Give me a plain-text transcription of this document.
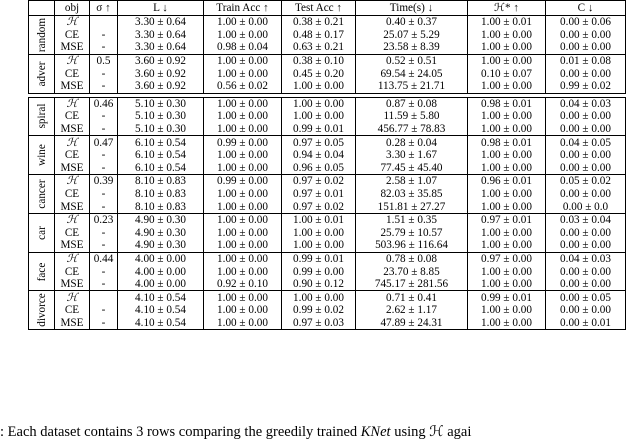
	obj	σ ↑	L ↓	Train Acc ↑	Test Acc ↑	Time(s) ↓	ℋ* ↑	C ↓

random	ℋ		3.30 ± 0.64	1.00 ± 0.00	0.38 ± 0.21	0.40 ± 0.37	1.00 ± 0.01	0.00 ± 0.06
	CE	-	3.30 ± 0.64	1.00 ± 0.00	0.48 ± 0.17	25.07 ± 5.29	1.00 ± 0.00	0.00 ± 0.00
	MSE	-	3.30 ± 0.64	0.98 ± 0.04	0.63 ± 0.21	23.58 ± 8.39	1.00 ± 0.00	0.00 ± 0.00

adver	ℋ	0.5	3.60 ± 0.92	1.00 ± 0.00	0.38 ± 0.10	0.52 ± 0.51	1.00 ± 0.00	0.01 ± 0.08
	CE	-	3.60 ± 0.92	1.00 ± 0.00	0.45 ± 0.20	69.54 ± 24.05	0.10 ± 0.07	0.00 ± 0.00
	MSE	-	3.60 ± 0.92	0.56 ± 0.02	1.00 ± 0.00	113.75 ± 21.71	1.00 ± 0.00	0.99 ± 0.02

spiral	ℋ	0.46	5.10 ± 0.30	1.00 ± 0.00	1.00 ± 0.00	0.87 ± 0.08	0.98 ± 0.01	0.04 ± 0.03
	CE	-	5.10 ± 0.30	1.00 ± 0.00	1.00 ± 0.00	11.59 ± 5.80	1.00 ± 0.00	0.00 ± 0.00
	MSE	-	5.10 ± 0.30	1.00 ± 0.00	0.99 ± 0.01	456.77 ± 78.83	1.00 ± 0.00	0.00 ± 0.00

wine	ℋ	0.47	6.10 ± 0.54	0.99 ± 0.00	0.97 ± 0.05	0.28 ± 0.04	0.98 ± 0.01	0.04 ± 0.05
	CE	-	6.10 ± 0.54	1.00 ± 0.00	0.94 ± 0.04	3.30 ± 1.67	1.00 ± 0.00	0.00 ± 0.00
	MSE	-	6.10 ± 0.54	1.00 ± 0.00	0.96 ± 0.05	77.45 ± 45.40	1.00 ± 0.00	0.00 ± 0.00

cancer	ℋ	0.39	8.10 ± 0.83	0.99 ± 0.00	0.97 ± 0.02	2.58 ± 1.07	0.96 ± 0.01	0.05 ± 0.02
	CE	-	8.10 ± 0.83	1.00 ± 0.00	0.97 ± 0.01	82.03 ± 35.85	1.00 ± 0.00	0.00 ± 0.00
	MSE	-	8.10 ± 0.83	1.00 ± 0.00	0.97 ± 0.02	151.81 ± 27.27	1.00 ± 0.00	0.00 ± 0.0

car	ℋ	0.23	4.90 ± 0.30	1.00 ± 0.00	1.00 ± 0.01	1.51 ± 0.35	0.97 ± 0.01	0.03 ± 0.04
	CE	-	4.90 ± 0.30	1.00 ± 0.00	1.00 ± 0.00	25.79 ± 10.57	1.00 ± 0.00	0.00 ± 0.00
	MSE	-	4.90 ± 0.30	1.00 ± 0.00	1.00 ± 0.00	503.96 ± 116.64	1.00 ± 0.00	0.00 ± 0.00

face	ℋ	0.44	4.00 ± 0.00	1.00 ± 0.00	0.99 ± 0.01	0.78 ± 0.08	0.97 ± 0.00	0.04 ± 0.03
	CE	-	4.00 ± 0.00	1.00 ± 0.00	0.99 ± 0.00	23.70 ± 8.85	1.00 ± 0.00	0.00 ± 0.00
	MSE	-	4.00 ± 0.00	0.92 ± 0.10	0.90 ± 0.12	745.17 ± 281.56	1.00 ± 0.00	0.00 ± 0.00

divorce	ℋ		4.10 ± 0.54	1.00 ± 0.00	1.00 ± 0.00	0.71 ± 0.41	0.99 ± 0.01	0.00 ± 0.05
	CE	-	4.10 ± 0.54	1.00 ± 0.00	0.99 ± 0.02	2.62 ± 1.17	1.00 ± 0.00	0.00 ± 0.00
	MSE	-	4.10 ± 0.54	1.00 ± 0.00	0.97 ± 0.03	47.89 ± 24.31	1.00 ± 0.00	0.00 ± 0.01
: Each dataset contains 3 rows comparing the greedily trained KNet using ℋ agai
